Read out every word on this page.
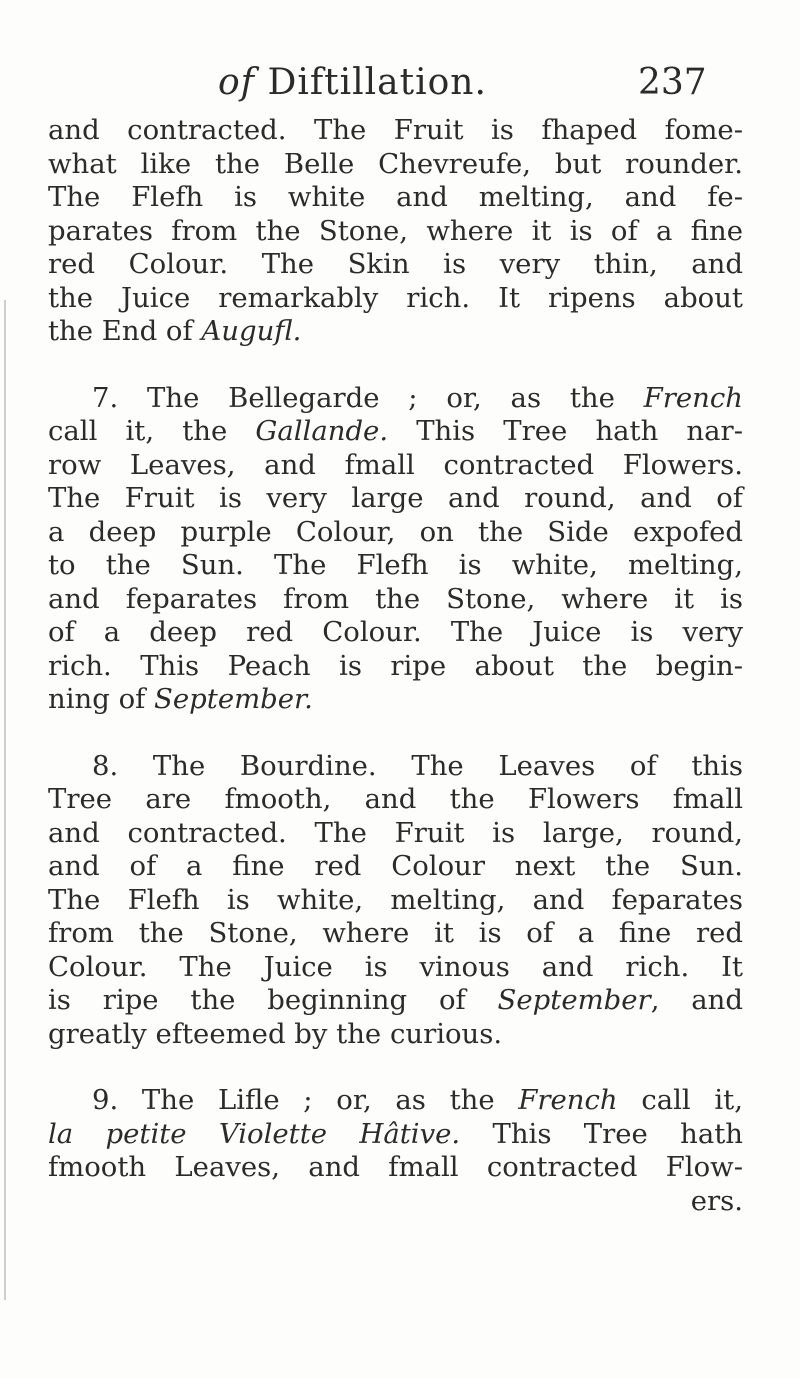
of Diftillation.	237
and contracted. The Fruit is fhaped fome-
what like the Belle Chevreufe, but rounder.
The Flefh is white and melting, and fe-
parates from the Stone, where it is of a fine
red Colour. The Skin is very thin, and
the Juice remarkably rich. It ripens about
the End of Augufl.
7. The Bellegarde ; or, as the French
call it, the Gallande. This Tree hath nar-
row Leaves, and fmall contracted Flowers.
The Fruit is very large and round, and of
a deep purple Colour, on the Side expofed
to the Sun. The Flefh is white, melting,
and feparates from the Stone, where it is
of a deep red Colour. The Juice is very
rich. This Peach is ripe about the begin-
ning of September.
8. The Bourdine. The Leaves of this
Tree are fmooth, and the Flowers fmall
and contracted. The Fruit is large, round,
and of a fine red Colour next the Sun.
The Flefh is white, melting, and feparates
from the Stone, where it is of a fine red
Colour. The Juice is vinous and rich. It
is ripe the beginning of September, and
greatly efteemed by the curious.
9. The Lifle ; or, as the French call it,
la petite Violette Hâtive. This Tree hath
fmooth Leaves, and fmall contracted Flow-
ers.
